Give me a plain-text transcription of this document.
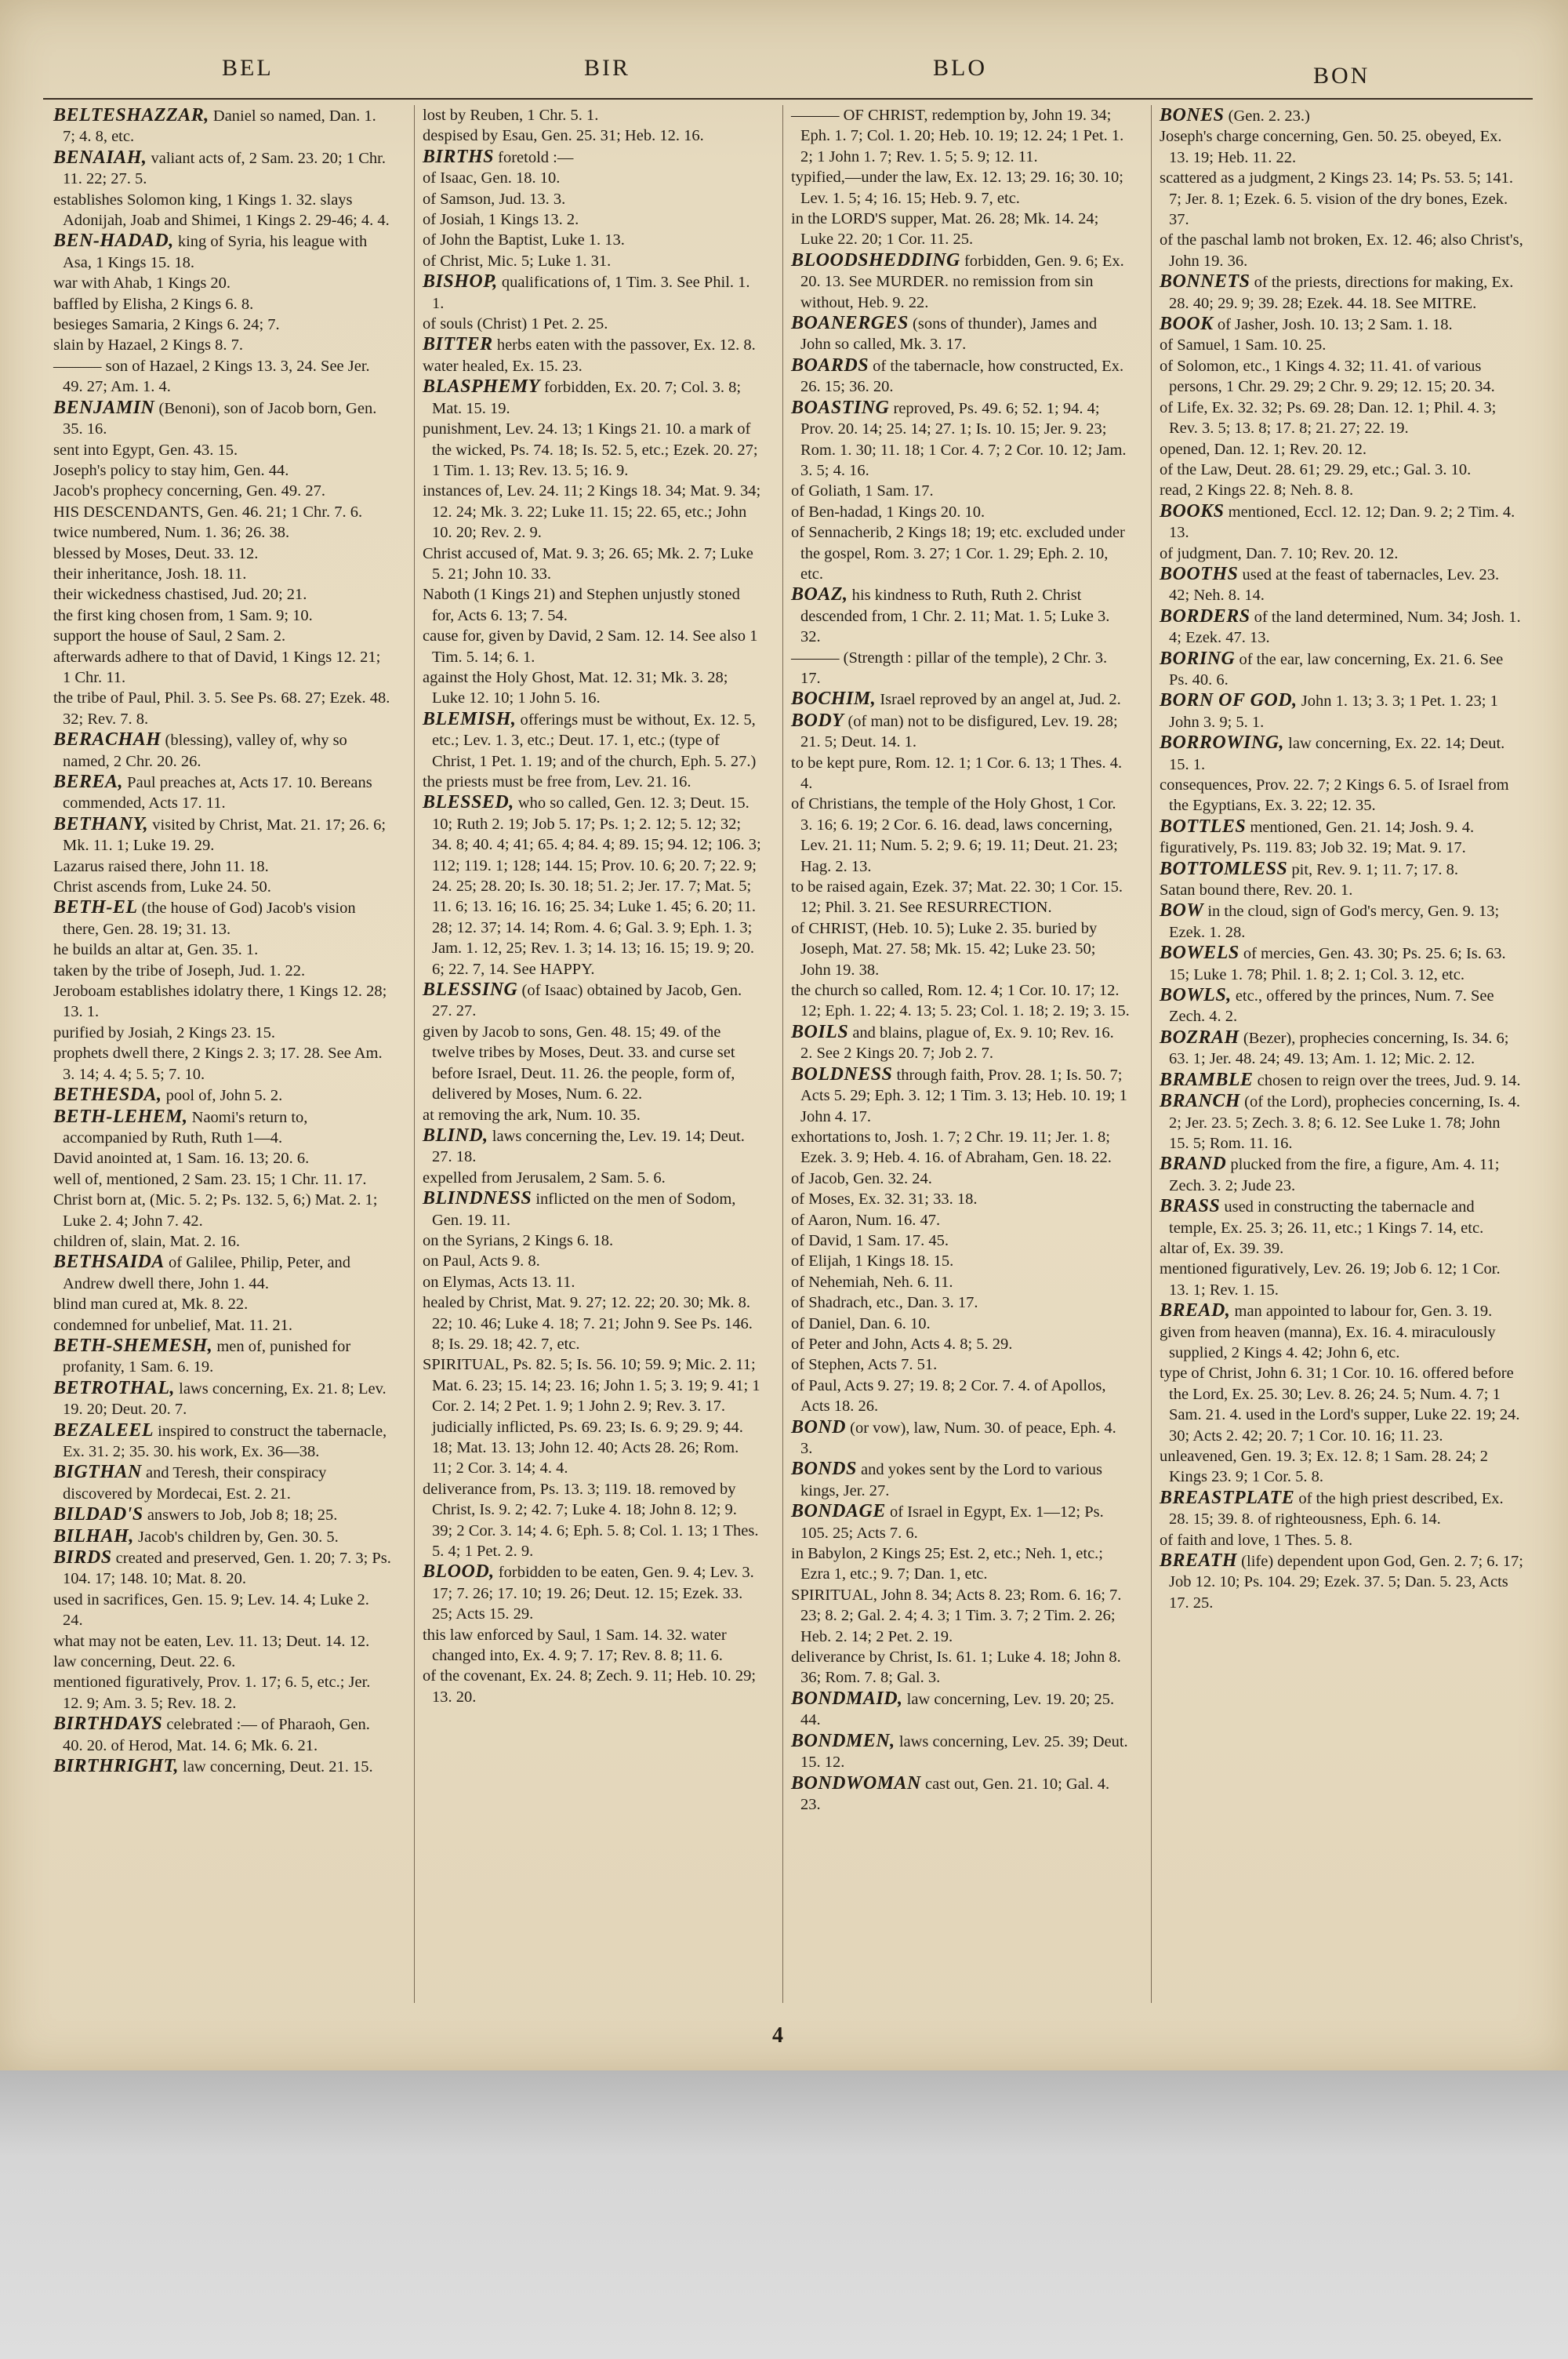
BEL	BIR	BLO	BON

BELTESHAZZAR, Daniel so named, Dan. 1. 7; 4. 8, etc.

BENAIAH, valiant acts of, 2 Sam. 23. 20; 1 Chr. 11. 22; 27. 5.

establishes Solomon king, 1 Kings 1. 32. slays Adonijah, Joab and Shimei, 1 Kings 2. 29-46; 4. 4.

BEN-HADAD, king of Syria, his league with Asa, 1 Kings 15. 18.

war with Ahab, 1 Kings 20.

baffled by Elisha, 2 Kings 6. 8.

besieges Samaria, 2 Kings 6. 24; 7.

slain by Hazael, 2 Kings 8. 7.

——— son of Hazael, 2 Kings 13. 3, 24. See Jer. 49. 27; Am. 1. 4.

BENJAMIN (Benoni), son of Jacob born, Gen. 35. 16.

sent into Egypt, Gen. 43. 15.

Joseph's policy to stay him, Gen. 44.

Jacob's prophecy concerning, Gen. 49. 27.

HIS DESCENDANTS, Gen. 46. 21; 1 Chr. 7. 6.

twice numbered, Num. 1. 36; 26. 38.

blessed by Moses, Deut. 33. 12.

their inheritance, Josh. 18. 11.

their wickedness chastised, Jud. 20; 21.

the first king chosen from, 1 Sam. 9; 10.

support the house of Saul, 2 Sam. 2.

afterwards adhere to that of David, 1 Kings 12. 21; 1 Chr. 11.

the tribe of Paul, Phil. 3. 5. See Ps. 68. 27; Ezek. 48. 32; Rev. 7. 8.

BERACHAH (blessing), valley of, why so named, 2 Chr. 20. 26.

BEREA, Paul preaches at, Acts 17. 10. Bereans commended, Acts 17. 11.

BETHANY, visited by Christ, Mat. 21. 17; 26. 6; Mk. 11. 1; Luke 19. 29.

Lazarus raised there, John 11. 18.

Christ ascends from, Luke 24. 50.

BETH-EL (the house of God) Jacob's vision there, Gen. 28. 19; 31. 13.

he builds an altar at, Gen. 35. 1.

taken by the tribe of Joseph, Jud. 1. 22.

Jeroboam establishes idolatry there, 1 Kings 12. 28; 13. 1.

purified by Josiah, 2 Kings 23. 15.

prophets dwell there, 2 Kings 2. 3; 17. 28. See Am. 3. 14; 4. 4; 5. 5; 7. 10.

BETHESDA, pool of, John 5. 2.

BETH-LEHEM, Naomi's return to, accompanied by Ruth, Ruth 1—4.

David anointed at, 1 Sam. 16. 13; 20. 6.

well of, mentioned, 2 Sam. 23. 15; 1 Chr. 11. 17.

Christ born at, (Mic. 5. 2; Ps. 132. 5, 6;) Mat. 2. 1; Luke 2. 4; John 7. 42.

children of, slain, Mat. 2. 16.

BETHSAIDA of Galilee, Philip, Peter, and Andrew dwell there, John 1. 44.

blind man cured at, Mk. 8. 22.

condemned for unbelief, Mat. 11. 21.

BETH-SHEMESH, men of, punished for profanity, 1 Sam. 6. 19.

BETROTHAL, laws concerning, Ex. 21. 8; Lev. 19. 20; Deut. 20. 7.

BEZALEEL inspired to construct the tabernacle, Ex. 31. 2; 35. 30. his work, Ex. 36—38.

BIGTHAN and Teresh, their conspiracy discovered by Mordecai, Est. 2. 21.

BILDAD'S answers to Job, Job 8; 18; 25.

BILHAH, Jacob's children by, Gen. 30. 5.

BIRDS created and preserved, Gen. 1. 20; 7. 3; Ps. 104. 17; 148. 10; Mat. 8. 20.

used in sacrifices, Gen. 15. 9; Lev. 14. 4; Luke 2. 24.

what may not be eaten, Lev. 11. 13; Deut. 14. 12.

law concerning, Deut. 22. 6.

mentioned figuratively, Prov. 1. 17; 6. 5, etc.; Jer. 12. 9; Am. 3. 5; Rev. 18. 2.

BIRTHDAYS celebrated :— of Pharaoh, Gen. 40. 20. of Herod, Mat. 14. 6; Mk. 6. 21.

BIRTHRIGHT, law concerning, Deut. 21. 15.

lost by Reuben, 1 Chr. 5. 1.

despised by Esau, Gen. 25. 31; Heb. 12. 16.

BIRTHS foretold :—

of Isaac, Gen. 18. 10.

of Samson, Jud. 13. 3.

of Josiah, 1 Kings 13. 2.

of John the Baptist, Luke 1. 13.

of Christ, Mic. 5; Luke 1. 31.

BISHOP, qualifications of, 1 Tim. 3. See Phil. 1. 1.

of souls (Christ) 1 Pet. 2. 25.

BITTER herbs eaten with the passover, Ex. 12. 8.

water healed, Ex. 15. 23.

BLASPHEMY forbidden, Ex. 20. 7; Col. 3. 8; Mat. 15. 19.

punishment, Lev. 24. 13; 1 Kings 21. 10. a mark of the wicked, Ps. 74. 18; Is. 52. 5, etc.; Ezek. 20. 27; 1 Tim. 1. 13; Rev. 13. 5; 16. 9.

instances of, Lev. 24. 11; 2 Kings 18. 34; Mat. 9. 34; 12. 24; Mk. 3. 22; Luke 11. 15; 22. 65, etc.; John 10. 20; Rev. 2. 9.

Christ accused of, Mat. 9. 3; 26. 65; Mk. 2. 7; Luke 5. 21; John 10. 33.

Naboth (1 Kings 21) and Stephen unjustly stoned for, Acts 6. 13; 7. 54.

cause for, given by David, 2 Sam. 12. 14. See also 1 Tim. 5. 14; 6. 1.

against the Holy Ghost, Mat. 12. 31; Mk. 3. 28; Luke 12. 10; 1 John 5. 16.

BLEMISH, offerings must be without, Ex. 12. 5, etc.; Lev. 1. 3, etc.; Deut. 17. 1, etc.; (type of Christ, 1 Pet. 1. 19; and of the church, Eph. 5. 27.)

the priests must be free from, Lev. 21. 16.

BLESSED, who so called, Gen. 12. 3; Deut. 15. 10; Ruth 2. 19; Job 5. 17; Ps. 1; 2. 12; 5. 12; 32; 34. 8; 40. 4; 41; 65. 4; 84. 4; 89. 15; 94. 12; 106. 3; 112; 119. 1; 128; 144. 15; Prov. 10. 6; 20. 7; 22. 9; 24. 25; 28. 20; Is. 30. 18; 51. 2; Jer. 17. 7; Mat. 5; 11. 6; 13. 16; 16. 16; 25. 34; Luke 1. 45; 6. 20; 11. 28; 12. 37; 14. 14; Rom. 4. 6; Gal. 3. 9; Eph. 1. 3; Jam. 1. 12, 25; Rev. 1. 3; 14. 13; 16. 15; 19. 9; 20. 6; 22. 7, 14. See HAPPY.

BLESSING (of Isaac) obtained by Jacob, Gen. 27. 27.

given by Jacob to sons, Gen. 48. 15; 49. of the twelve tribes by Moses, Deut. 33. and curse set before Israel, Deut. 11. 26. the people, form of, delivered by Moses, Num. 6. 22.

at removing the ark, Num. 10. 35.

BLIND, laws concerning the, Lev. 19. 14; Deut. 27. 18.

expelled from Jerusalem, 2 Sam. 5. 6.

BLINDNESS inflicted on the men of Sodom, Gen. 19. 11.

on the Syrians, 2 Kings 6. 18.

on Paul, Acts 9. 8.

on Elymas, Acts 13. 11.

healed by Christ, Mat. 9. 27; 12. 22; 20. 30; Mk. 8. 22; 10. 46; Luke 4. 18; 7. 21; John 9. See Ps. 146. 8; Is. 29. 18; 42. 7, etc.

SPIRITUAL, Ps. 82. 5; Is. 56. 10; 59. 9; Mic. 2. 11; Mat. 6. 23; 15. 14; 23. 16; John 1. 5; 3. 19; 9. 41; 1 Cor. 2. 14; 2 Pet. 1. 9; 1 John 2. 9; Rev. 3. 17. judicially inflicted, Ps. 69. 23; Is. 6. 9; 29. 9; 44. 18; Mat. 13. 13; John 12. 40; Acts 28. 26; Rom. 11; 2 Cor. 3. 14; 4. 4.

deliverance from, Ps. 13. 3; 119. 18. removed by Christ, Is. 9. 2; 42. 7; Luke 4. 18; John 8. 12; 9. 39; 2 Cor. 3. 14; 4. 6; Eph. 5. 8; Col. 1. 13; 1 Thes. 5. 4; 1 Pet. 2. 9.

BLOOD, forbidden to be eaten, Gen. 9. 4; Lev. 3. 17; 7. 26; 17. 10; 19. 26; Deut. 12. 15; Ezek. 33. 25; Acts 15. 29.

this law enforced by Saul, 1 Sam. 14. 32. water changed into, Ex. 4. 9; 7. 17; Rev. 8. 8; 11. 6.

of the covenant, Ex. 24. 8; Zech. 9. 11; Heb. 10. 29; 13. 20.

——— OF CHRIST, redemption by, John 19. 34; Eph. 1. 7; Col. 1. 20; Heb. 10. 19; 12. 24; 1 Pet. 1. 2; 1 John 1. 7; Rev. 1. 5; 5. 9; 12. 11.

typified,—under the law, Ex. 12. 13; 29. 16; 30. 10; Lev. 1. 5; 4; 16. 15; Heb. 9. 7, etc.

in the LORD'S supper, Mat. 26. 28; Mk. 14. 24; Luke 22. 20; 1 Cor. 11. 25.

BLOODSHEDDING forbidden, Gen. 9. 6; Ex. 20. 13. See MURDER. no remission from sin without, Heb. 9. 22.

BOANERGES (sons of thunder), James and John so called, Mk. 3. 17.

BOARDS of the tabernacle, how constructed, Ex. 26. 15; 36. 20.

BOASTING reproved, Ps. 49. 6; 52. 1; 94. 4; Prov. 20. 14; 25. 14; 27. 1; Is. 10. 15; Jer. 9. 23; Rom. 1. 30; 11. 18; 1 Cor. 4. 7; 2 Cor. 10. 12; Jam. 3. 5; 4. 16.

of Goliath, 1 Sam. 17.

of Ben-hadad, 1 Kings 20. 10.

of Sennacherib, 2 Kings 18; 19; etc. excluded under the gospel, Rom. 3. 27; 1 Cor. 1. 29; Eph. 2. 10, etc.

BOAZ, his kindness to Ruth, Ruth 2. Christ descended from, 1 Chr. 2. 11; Mat. 1. 5; Luke 3. 32.

——— (Strength : pillar of the temple), 2 Chr. 3. 17.

BOCHIM, Israel reproved by an angel at, Jud. 2.

BODY (of man) not to be disfigured, Lev. 19. 28; 21. 5; Deut. 14. 1.

to be kept pure, Rom. 12. 1; 1 Cor. 6. 13; 1 Thes. 4. 4.

of Christians, the temple of the Holy Ghost, 1 Cor. 3. 16; 6. 19; 2 Cor. 6. 16. dead, laws concerning, Lev. 21. 11; Num. 5. 2; 9. 6; 19. 11; Deut. 21. 23; Hag. 2. 13.

to be raised again, Ezek. 37; Mat. 22. 30; 1 Cor. 15. 12; Phil. 3. 21. See RESURRECTION.

of CHRIST, (Heb. 10. 5); Luke 2. 35. buried by Joseph, Mat. 27. 58; Mk. 15. 42; Luke 23. 50; John 19. 38.

the church so called, Rom. 12. 4; 1 Cor. 10. 17; 12. 12; Eph. 1. 22; 4. 13; 5. 23; Col. 1. 18; 2. 19; 3. 15.

BOILS and blains, plague of, Ex. 9. 10; Rev. 16. 2. See 2 Kings 20. 7; Job 2. 7.

BOLDNESS through faith, Prov. 28. 1; Is. 50. 7; Acts 5. 29; Eph. 3. 12; 1 Tim. 3. 13; Heb. 10. 19; 1 John 4. 17.

exhortations to, Josh. 1. 7; 2 Chr. 19. 11; Jer. 1. 8; Ezek. 3. 9; Heb. 4. 16. of Abraham, Gen. 18. 22.

of Jacob, Gen. 32. 24.

of Moses, Ex. 32. 31; 33. 18.

of Aaron, Num. 16. 47.

of David, 1 Sam. 17. 45.

of Elijah, 1 Kings 18. 15.

of Nehemiah, Neh. 6. 11.

of Shadrach, etc., Dan. 3. 17.

of Daniel, Dan. 6. 10.

of Peter and John, Acts 4. 8; 5. 29.

of Stephen, Acts 7. 51.

of Paul, Acts 9. 27; 19. 8; 2 Cor. 7. 4. of Apollos, Acts 18. 26.

BOND (or vow), law, Num. 30. of peace, Eph. 4. 3.

BONDS and yokes sent by the Lord to various kings, Jer. 27.

BONDAGE of Israel in Egypt, Ex. 1—12; Ps. 105. 25; Acts 7. 6.

in Babylon, 2 Kings 25; Est. 2, etc.; Neh. 1, etc.; Ezra 1, etc.; 9. 7; Dan. 1, etc.

SPIRITUAL, John 8. 34; Acts 8. 23; Rom. 6. 16; 7. 23; 8. 2; Gal. 2. 4; 4. 3; 1 Tim. 3. 7; 2 Tim. 2. 26; Heb. 2. 14; 2 Pet. 2. 19.

deliverance by Christ, Is. 61. 1; Luke 4. 18; John 8. 36; Rom. 7. 8; Gal. 3.

BONDMAID, law concerning, Lev. 19. 20; 25. 44.

BONDMEN, laws concerning, Lev. 25. 39; Deut. 15. 12.

BONDWOMAN cast out, Gen. 21. 10; Gal. 4. 23.

BONES (Gen. 2. 23.)

Joseph's charge concerning, Gen. 50. 25. obeyed, Ex. 13. 19; Heb. 11. 22.

scattered as a judgment, 2 Kings 23. 14; Ps. 53. 5; 141. 7; Jer. 8. 1; Ezek. 6. 5. vision of the dry bones, Ezek. 37.

of the paschal lamb not broken, Ex. 12. 46; also Christ's, John 19. 36.

BONNETS of the priests, directions for making, Ex. 28. 40; 29. 9; 39. 28; Ezek. 44. 18. See MITRE.

BOOK of Jasher, Josh. 10. 13; 2 Sam. 1. 18.

of Samuel, 1 Sam. 10. 25.

of Solomon, etc., 1 Kings 4. 32; 11. 41. of various persons, 1 Chr. 29. 29; 2 Chr. 9. 29; 12. 15; 20. 34.

of Life, Ex. 32. 32; Ps. 69. 28; Dan. 12. 1; Phil. 4. 3; Rev. 3. 5; 13. 8; 17. 8; 21. 27; 22. 19.

opened, Dan. 12. 1; Rev. 20. 12.

of the Law, Deut. 28. 61; 29. 29, etc.; Gal. 3. 10.

read, 2 Kings 22. 8; Neh. 8. 8.

BOOKS mentioned, Eccl. 12. 12; Dan. 9. 2; 2 Tim. 4. 13.

of judgment, Dan. 7. 10; Rev. 20. 12.

BOOTHS used at the feast of tabernacles, Lev. 23. 42; Neh. 8. 14.

BORDERS of the land determined, Num. 34; Josh. 1. 4; Ezek. 47. 13.

BORING of the ear, law concerning, Ex. 21. 6. See Ps. 40. 6.

BORN OF GOD, John 1. 13; 3. 3; 1 Pet. 1. 23; 1 John 3. 9; 5. 1.

BORROWING, law concerning, Ex. 22. 14; Deut. 15. 1.

consequences, Prov. 22. 7; 2 Kings 6. 5. of Israel from the Egyptians, Ex. 3. 22; 12. 35.

BOTTLES mentioned, Gen. 21. 14; Josh. 9. 4.

figuratively, Ps. 119. 83; Job 32. 19; Mat. 9. 17.

BOTTOMLESS pit, Rev. 9. 1; 11. 7; 17. 8.

Satan bound there, Rev. 20. 1.

BOW in the cloud, sign of God's mercy, Gen. 9. 13; Ezek. 1. 28.

BOWELS of mercies, Gen. 43. 30; Ps. 25. 6; Is. 63. 15; Luke 1. 78; Phil. 1. 8; 2. 1; Col. 3. 12, etc.

BOWLS, etc., offered by the princes, Num. 7. See Zech. 4. 2.

BOZRAH (Bezer), prophecies concerning, Is. 34. 6; 63. 1; Jer. 48. 24; 49. 13; Am. 1. 12; Mic. 2. 12.

BRAMBLE chosen to reign over the trees, Jud. 9. 14.

BRANCH (of the Lord), prophecies concerning, Is. 4. 2; Jer. 23. 5; Zech. 3. 8; 6. 12. See Luke 1. 78; John 15. 5; Rom. 11. 16.

BRAND plucked from the fire, a figure, Am. 4. 11; Zech. 3. 2; Jude 23.

BRASS used in constructing the tabernacle and temple, Ex. 25. 3; 26. 11, etc.; 1 Kings 7. 14, etc.

altar of, Ex. 39. 39.

mentioned figuratively, Lev. 26. 19; Job 6. 12; 1 Cor. 13. 1; Rev. 1. 15.

BREAD, man appointed to labour for, Gen. 3. 19.

given from heaven (manna), Ex. 16. 4. miraculously supplied, 2 Kings 4. 42; John 6, etc.

type of Christ, John 6. 31; 1 Cor. 10. 16. offered before the Lord, Ex. 25. 30; Lev. 8. 26; 24. 5; Num. 4. 7; 1 Sam. 21. 4. used in the Lord's supper, Luke 22. 19; 24. 30; Acts 2. 42; 20. 7; 1 Cor. 10. 16; 11. 23.

unleavened, Gen. 19. 3; Ex. 12. 8; 1 Sam. 28. 24; 2 Kings 23. 9; 1 Cor. 5. 8.

BREASTPLATE of the high priest described, Ex. 28. 15; 39. 8. of righteousness, Eph. 6. 14.

of faith and love, 1 Thes. 5. 8.

BREATH (life) dependent upon God, Gen. 2. 7; 6. 17; Job 12. 10; Ps. 104. 29; Ezek. 37. 5; Dan. 5. 23, Acts 17. 25.

4
